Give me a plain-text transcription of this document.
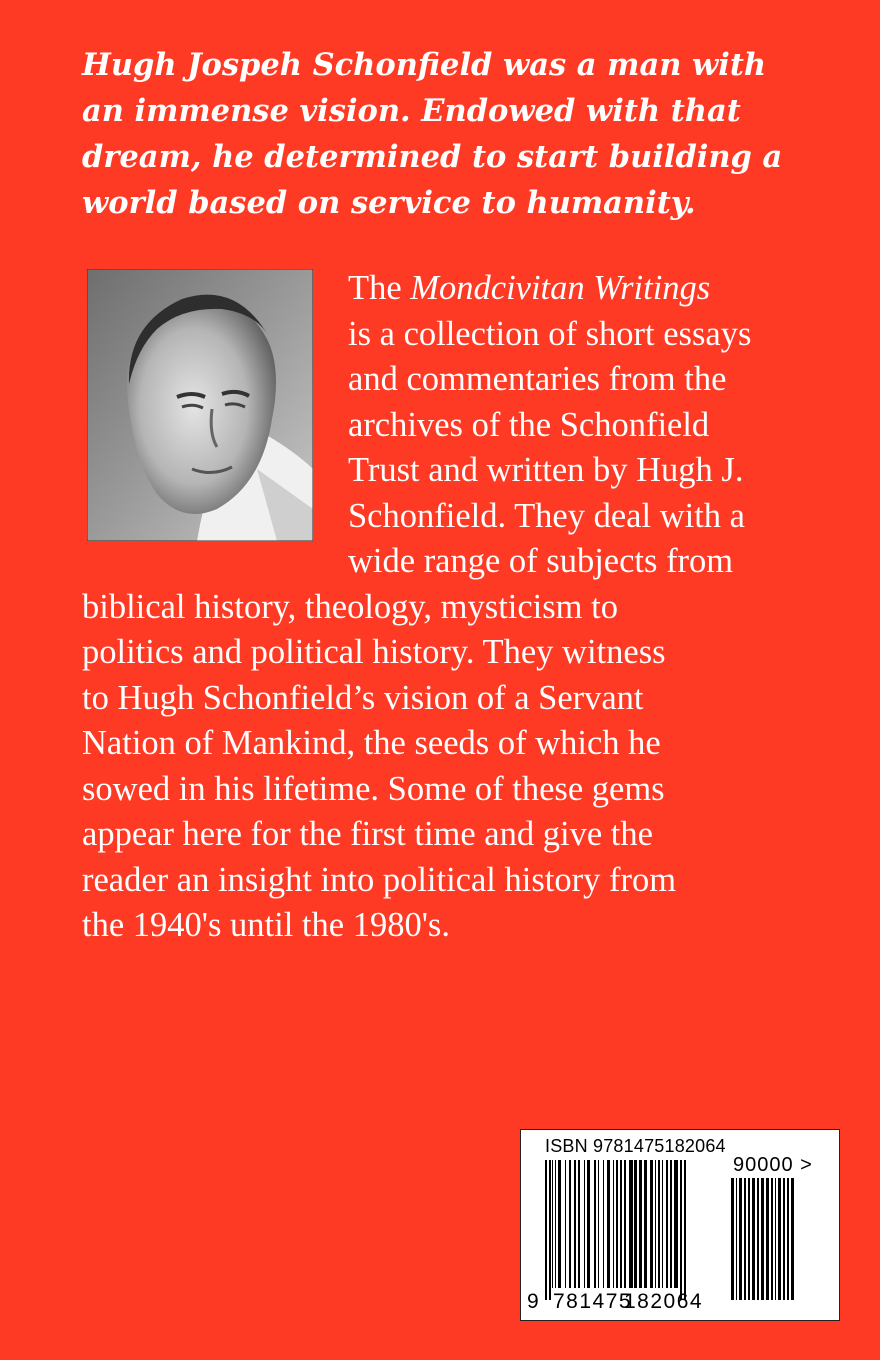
Hugh Jospeh Schonfield was a man with
an immense vision. Endowed with that
dream, he determined to start building a
world based on service to humanity.
The Mondcivitan Writings
is a collection of short essays
and commentaries from the
archives of the Schonfield
Trust and written by Hugh J.
Schonfield. They deal with a
wide range of subjects from
biblical history, theology, mysticism to
politics and political history. They witness
to Hugh Schonfield’s vision of a Servant
Nation of Mankind, the seeds of which he
sowed in his lifetime. Some of these gems
appear here for the first time and give the
reader an insight into political history from
the 1940's until the 1980's.
ISBN 9781475182064
90000 >
9 781475
182064
